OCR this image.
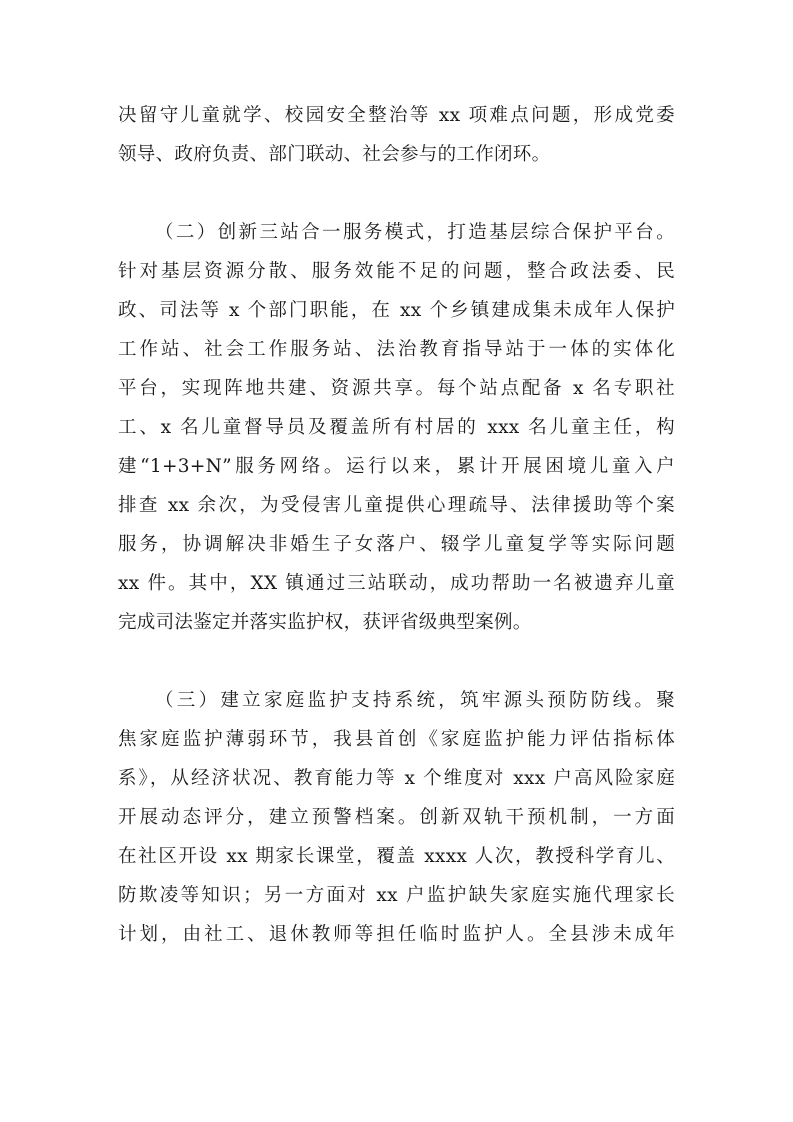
决留守儿童就学、校园安全整治等 xx 项难点问题，形成党委
领导、政府负责、部门联动、社会参与的工作闭环。
（二）创新三站合一服务模式，打造基层综合保护平台。
针对基层资源分散、服务效能不足的问题，整合政法委、民
政、司法等 x 个部门职能，在 xx 个乡镇建成集未成年人保护
工作站、社会工作服务站、法治教育指导站于一体的实体化
平台，实现阵地共建、资源共享。每个站点配备 x 名专职社
工、x 名儿童督导员及覆盖所有村居的 xxx 名儿童主任，构
建“1+3+N”服务网络。运行以来，累计开展困境儿童入户
排查 xx 余次，为受侵害儿童提供心理疏导、法律援助等个案
服务，协调解决非婚生子女落户、辍学儿童复学等实际问题
xx 件。其中，XX 镇通过三站联动，成功帮助一名被遗弃儿童
完成司法鉴定并落实监护权，获评省级典型案例。
（三）建立家庭监护支持系统，筑牢源头预防防线。聚
焦家庭监护薄弱环节，我县首创《家庭监护能力评估指标体
系》，从经济状况、教育能力等 x 个维度对 xxx 户高风险家庭
开展动态评分，建立预警档案。创新双轨干预机制，一方面
在社区开设 xx 期家长课堂，覆盖 xxxx 人次，教授科学育儿、
防欺凌等知识；另一方面对 xx 户监护缺失家庭实施代理家长
计划，由社工、退休教师等担任临时监护人。全县涉未成年
